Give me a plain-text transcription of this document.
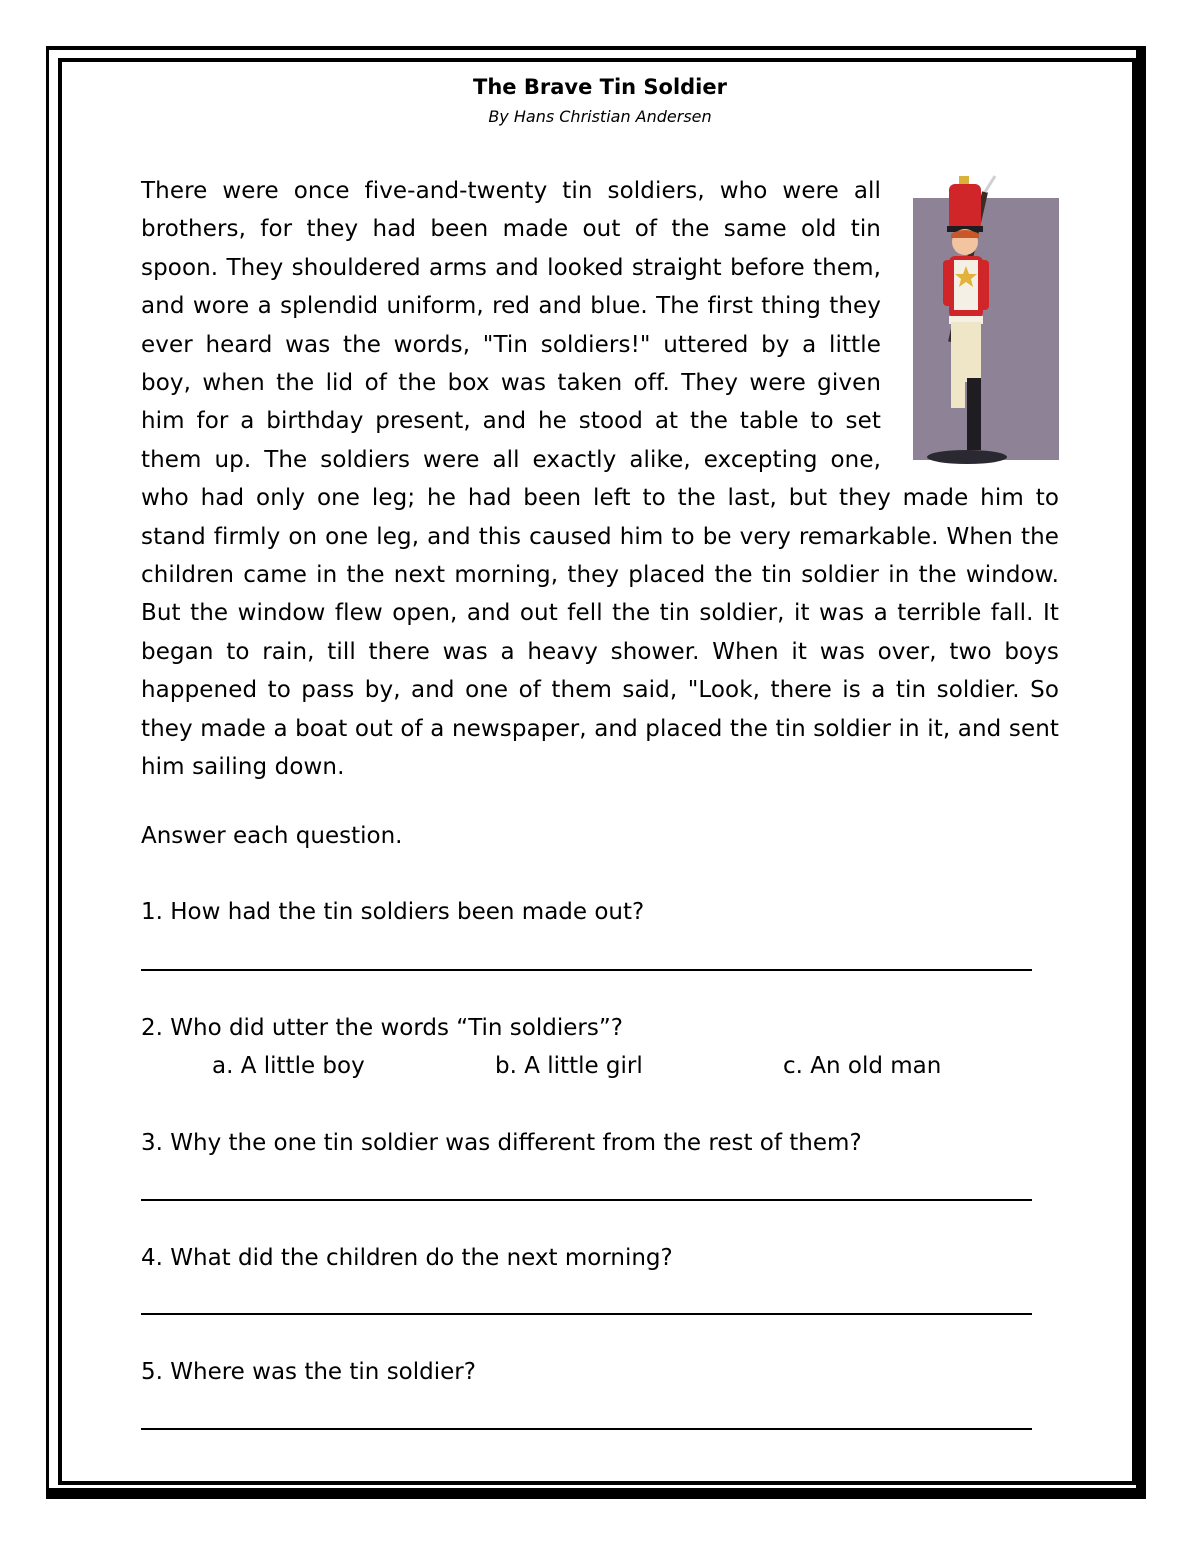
The Brave Tin Soldier
By Hans Christian Andersen
There were once five-and-twenty tin soldiers, who were all brothers, for they had been made out of the same old tin spoon. They shouldered arms and looked straight before them, and wore a splendid uniform, red and blue. The first thing they ever heard was the words, "Tin soldiers!" uttered by a little boy, when the lid of the box was taken off. They were given him for a birthday present, and he stood at the table to set them up. The soldiers were all exactly alike, excepting one, who had only one leg; he had been left to the last, but they made him to stand firmly on one leg, and this caused him to be very remarkable. When the children came in the next morning, they placed the tin soldier in the window. But the window flew open, and out fell the tin soldier, it was a terrible fall. It began to rain, till there was a heavy shower. When it was over, two boys happened to pass by, and one of them said, "Look, there is a tin soldier. So they made a boat out of a newspaper, and placed the tin soldier in it, and sent him sailing down.
Answer each question.
1. How had the tin soldiers been made out?
2. Who did utter the words “Tin soldiers”?
a. A little boy	b. A little girl	c. An old man
3. Why the one tin soldier was different from the rest of them?
4. What did the children do the next morning?
5. Where was the tin soldier?
